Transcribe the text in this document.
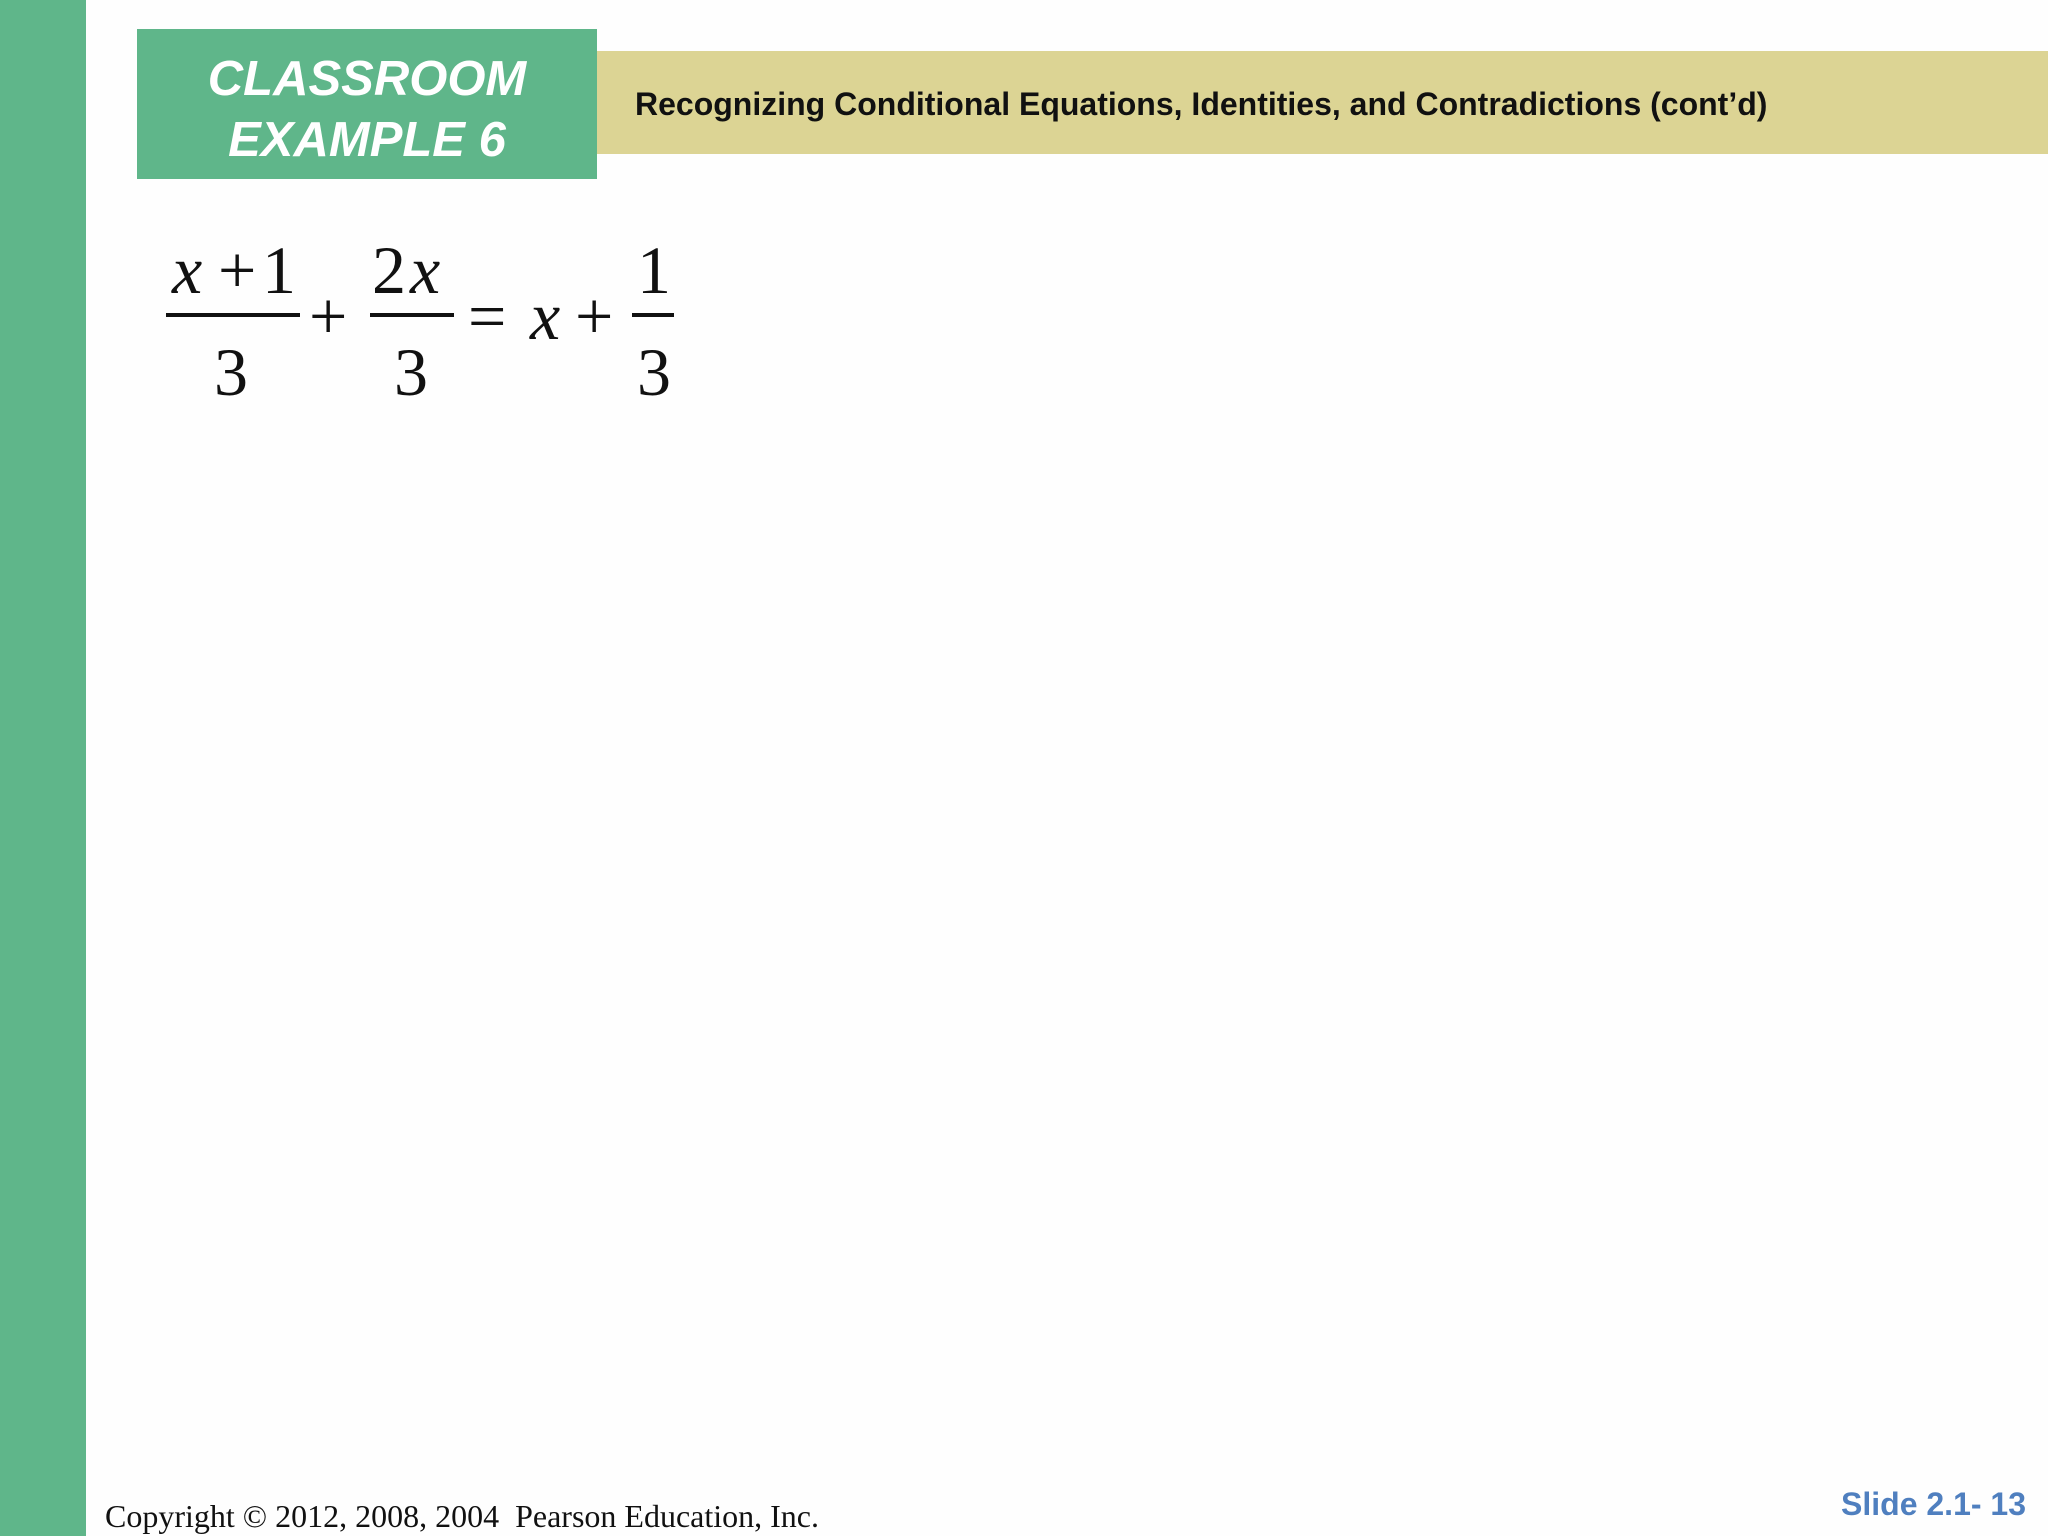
Recognizing Conditional Equations, Identities, and Contradictions (cont’d)
CLASSROOM
EXAMPLE 6
x + 1
3
+
2 x
3
= x +
1
3
Copyright © 2012, 2008, 2004  Pearson Education, Inc.	Slide 2.1- 13
